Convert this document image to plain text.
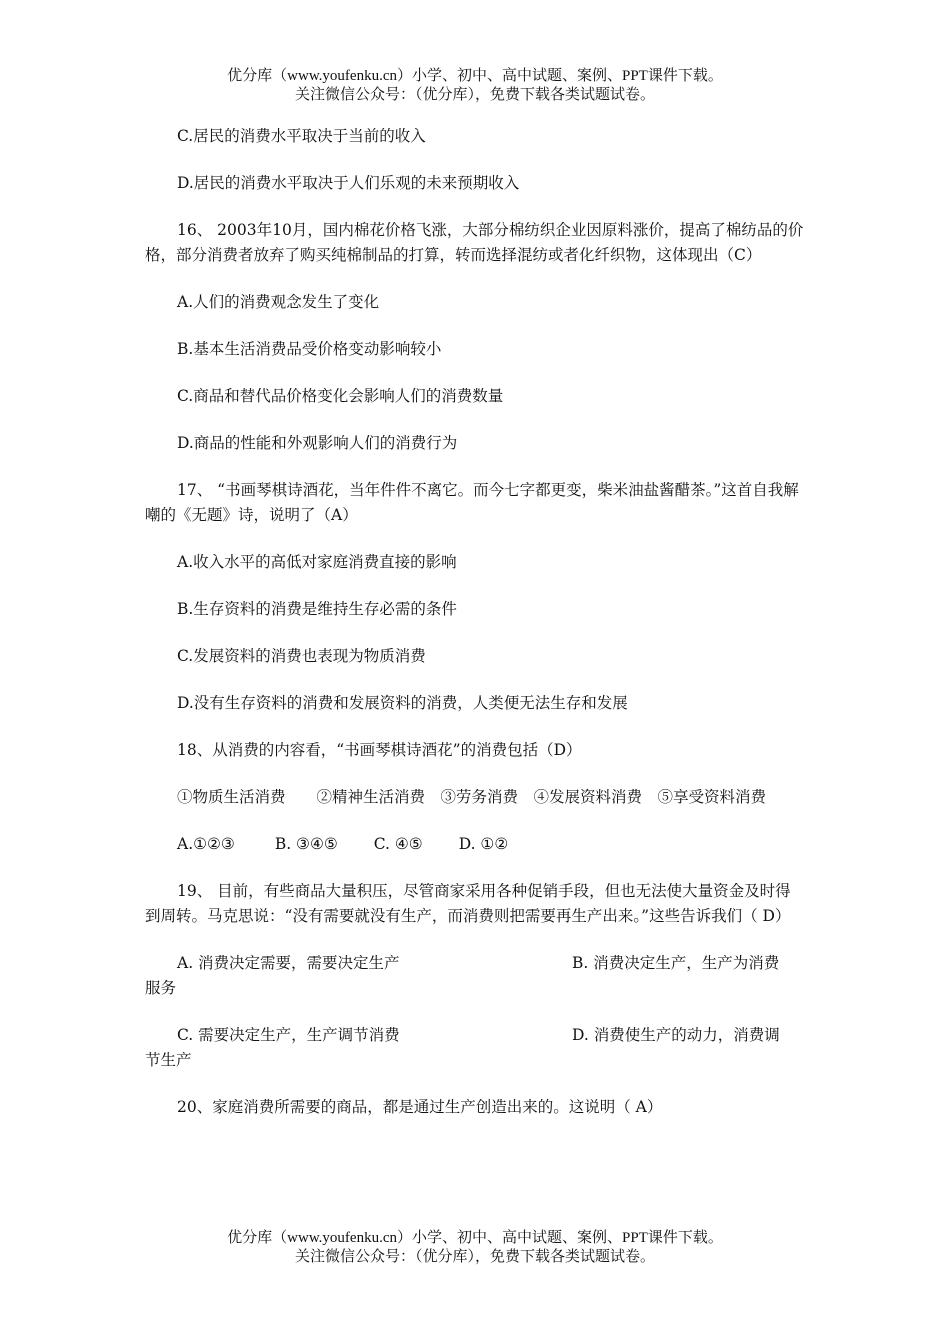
优分库（www.youfenku.cn）小学、初中、高中试题、案例、PPT课件下载。
关注微信公众号：（优分库），免费下载各类试题试卷。

C.居民的消费水平取决于当前的收入

D.居民的消费水平取决于人们乐观的未来预期收入

16、 2003年10月，国内棉花价格飞涨，大部分棉纺织企业因原料涨价，提高了棉纺品的价格，部分消费者放弃了购买纯棉制品的打算，转而选择混纺或者化纤织物，这体现出（C）

A.人们的消费观念发生了变化

B.基本生活消费品受价格变动影响较小

C.商品和替代品价格变化会影响人们的消费数量

D.商品的性能和外观影响人们的消费行为

17、 “书画琴棋诗酒花，当年件件不离它。而今七字都更变，柴米油盐酱醋茶。”这首自我解嘲的《无题》诗，说明了（A）

A.收入水平的高低对家庭消费直接的影响

B.生存资料的消费是维持生存必需的条件

C.发展资料的消费也表现为物质消费

D.没有生存资料的消费和发展资料的消费，人类便无法生存和发展

18、从消费的内容看，“书画琴棋诗酒花”的消费包括（D）

①物质生活消费　　②精神生活消费　③劳务消费　④发展资料消费　⑤享受资料消费

A.①②③	B. ③④⑤ C. ④⑤ D. ①②

19、 目前，有些商品大量积压，尽管商家采用各种促销手段，但也无法使大量资金及时得到周转。马克思说：“没有需要就没有生产，而消费则把需要再生产出来。”这些告诉我们（ D）

A. 消费决定需要，需要决定生产	B. 消费决定生产，生产为消费
服务

C. 需要决定生产，生产调节消费	D. 消费使生产的动力，消费调
节生产

20、家庭消费所需要的商品，都是通过生产创造出来的。这说明（ A）

优分库（www.youfenku.cn）小学、初中、高中试题、案例、PPT课件下载。
关注微信公众号：（优分库），免费下载各类试题试卷。
